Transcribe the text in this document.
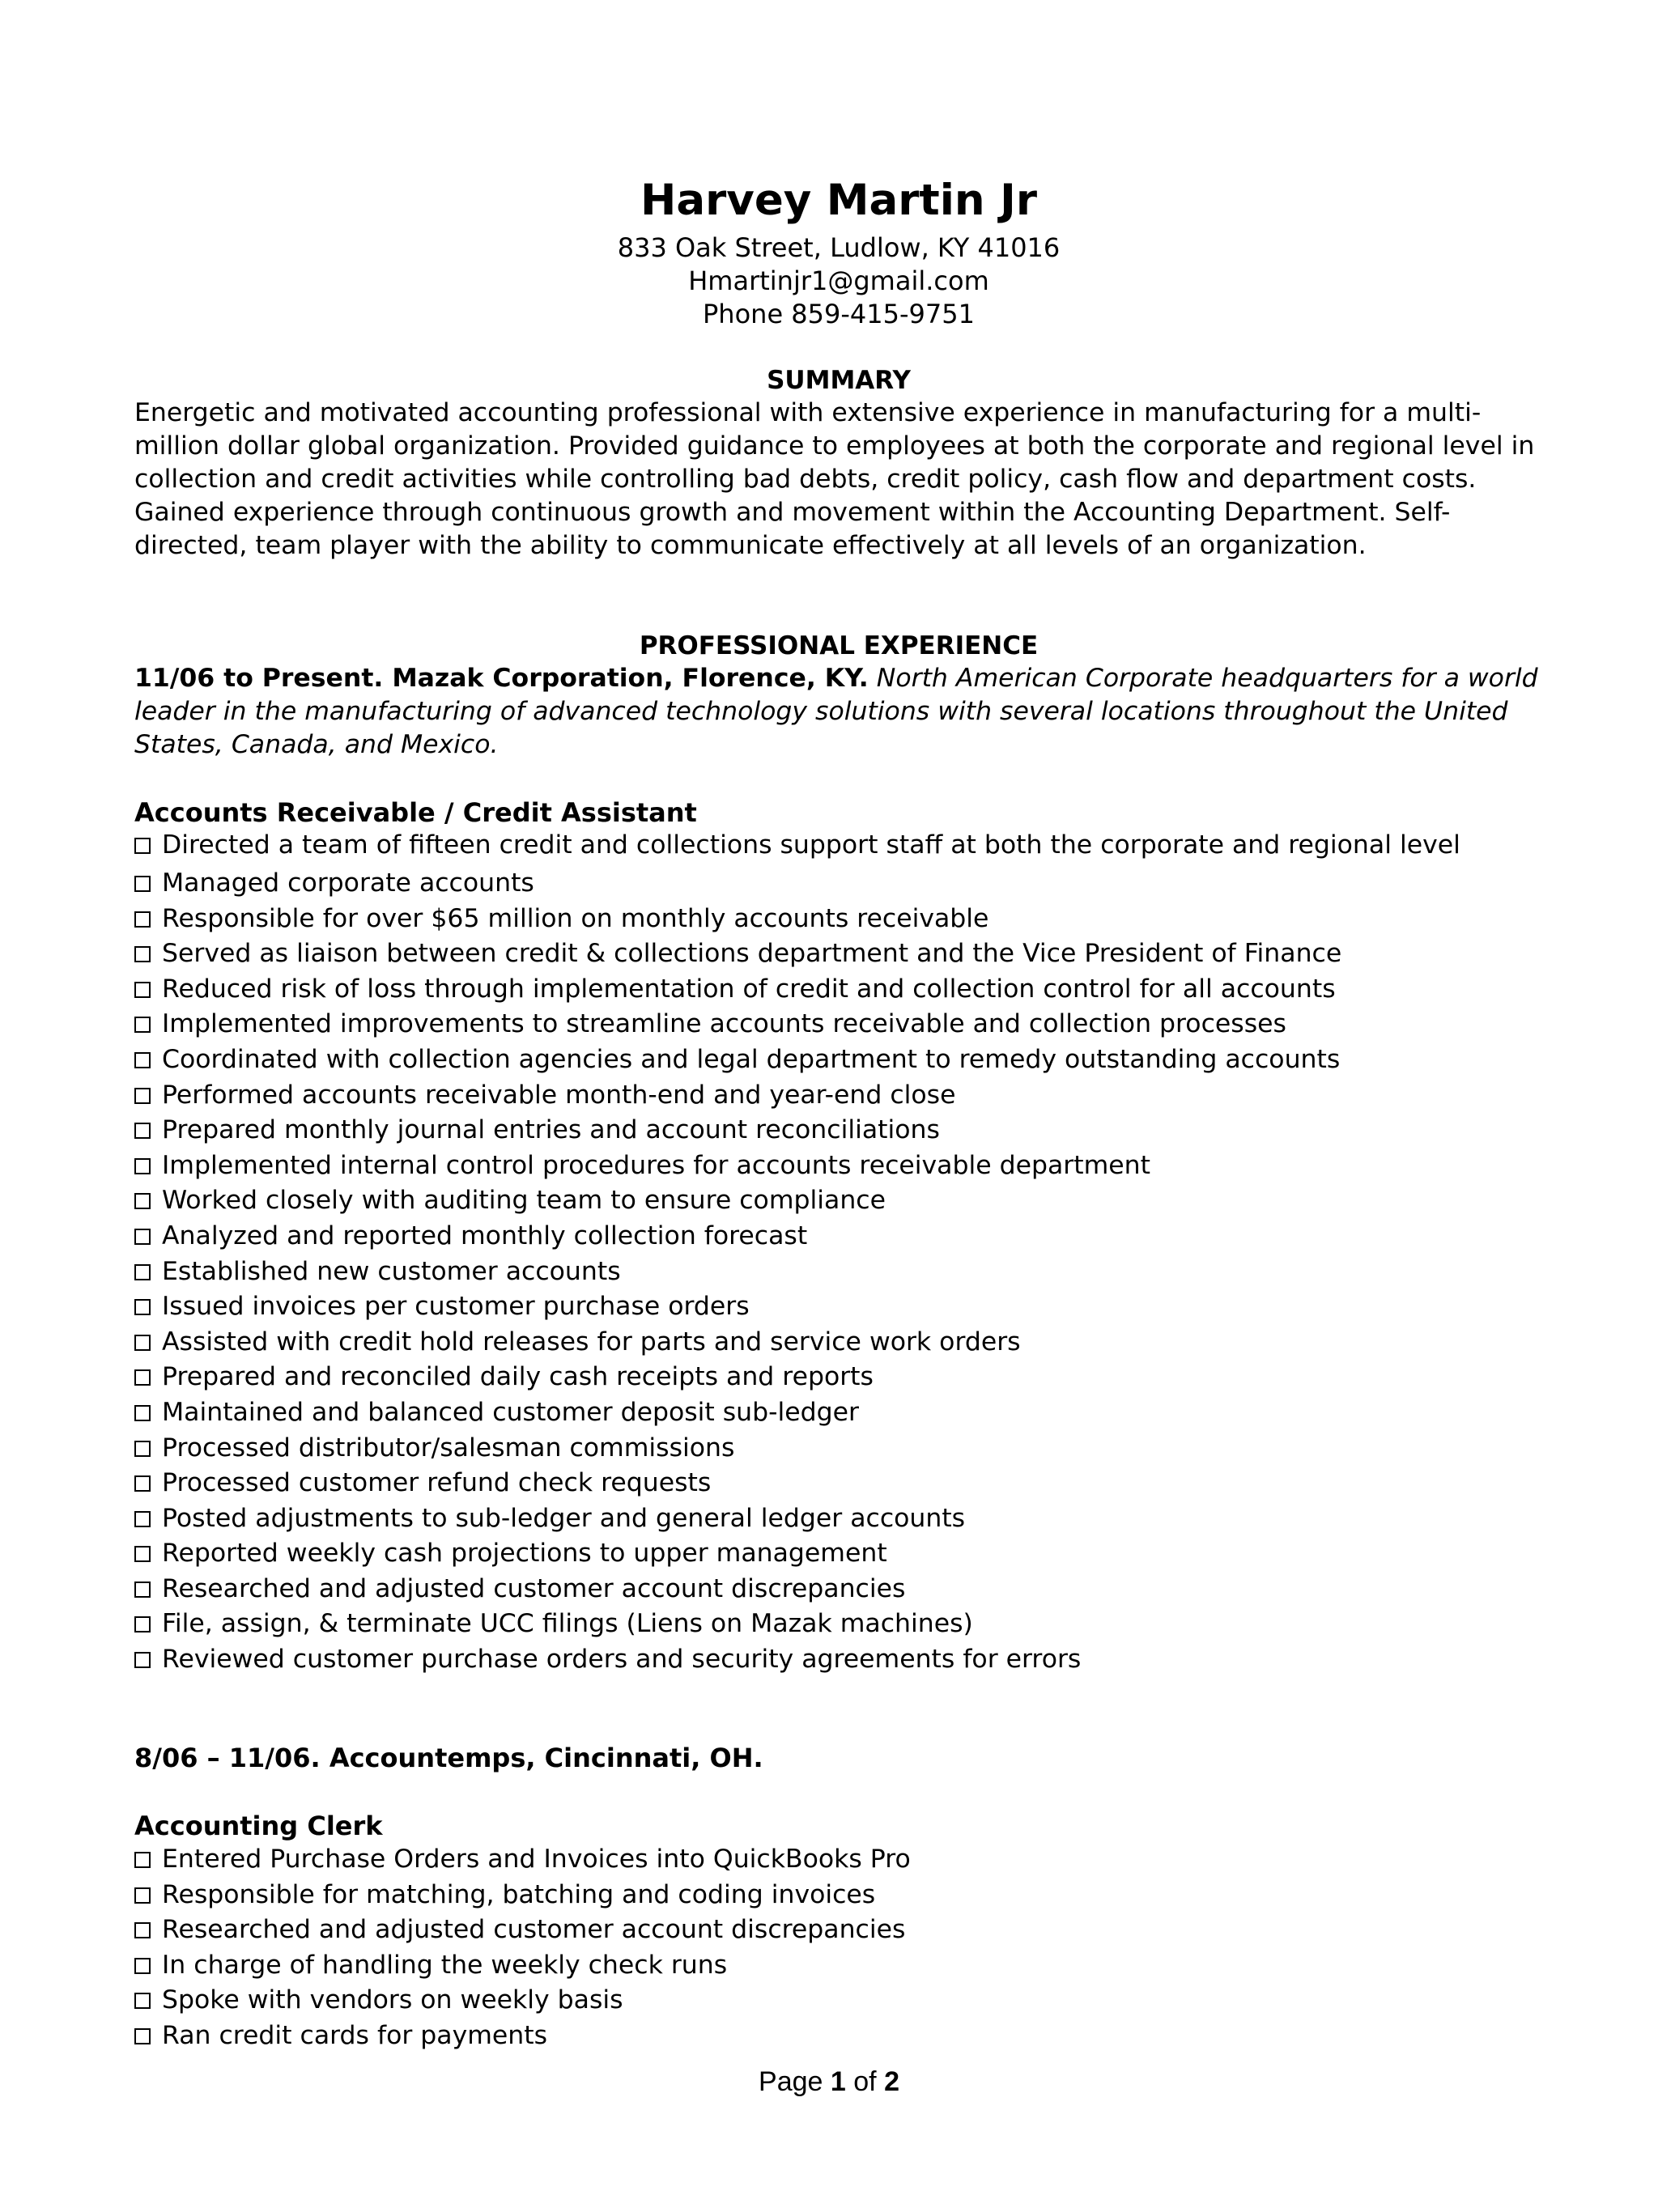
Harvey Martin Jr
833 Oak Street, Ludlow, KY 41016
Hmartinjr1@gmail.com
Phone 859-415-9751
SUMMARY
Energetic and motivated accounting professional with extensive experience in manufacturing for a multi-million dollar global organization. Provided guidance to employees at both the corporate and regional level in collection and credit activities while controlling bad debts, credit policy, cash flow and department costs. Gained experience through continuous growth and movement within the Accounting Department. Self-directed, team player with the ability to communicate effectively at all levels of an organization.
PROFESSIONAL EXPERIENCE
11/06 to Present. Mazak Corporation, Florence, KY. North American Corporate headquarters for a world leader in the manufacturing of advanced technology solutions with several locations throughout the United States, Canada, and Mexico.
Accounts Receivable / Credit Assistant
Directed a team of fifteen credit and collections support staff at both the corporate and regional level
Managed corporate accounts
Responsible for over $65 million on monthly accounts receivable
Served as liaison between credit & collections department and the Vice President of Finance
Reduced risk of loss through implementation of credit and collection control for all accounts
Implemented improvements to streamline accounts receivable and collection processes
Coordinated with collection agencies and legal department to remedy outstanding accounts
Performed accounts receivable month-end and year-end close
Prepared monthly journal entries and account reconciliations
Implemented internal control procedures for accounts receivable department
Worked closely with auditing team to ensure compliance
Analyzed and reported monthly collection forecast
Established new customer accounts
Issued invoices per customer purchase orders
Assisted with credit hold releases for parts and service work orders
Prepared and reconciled daily cash receipts and reports
Maintained and balanced customer deposit sub-ledger
Processed distributor/salesman commissions
Processed customer refund check requests
Posted adjustments to sub-ledger and general ledger accounts
Reported weekly cash projections to upper management
Researched and adjusted customer account discrepancies
File, assign, & terminate UCC filings (Liens on Mazak machines)
Reviewed customer purchase orders and security agreements for errors
8/06 – 11/06. Accountemps, Cincinnati, OH.
Accounting Clerk
Entered Purchase Orders and Invoices into QuickBooks Pro
Responsible for matching, batching and coding invoices
Researched and adjusted customer account discrepancies
In charge of handling the weekly check runs
Spoke with vendors on weekly basis
Ran credit cards for payments
Page 1 of 2
